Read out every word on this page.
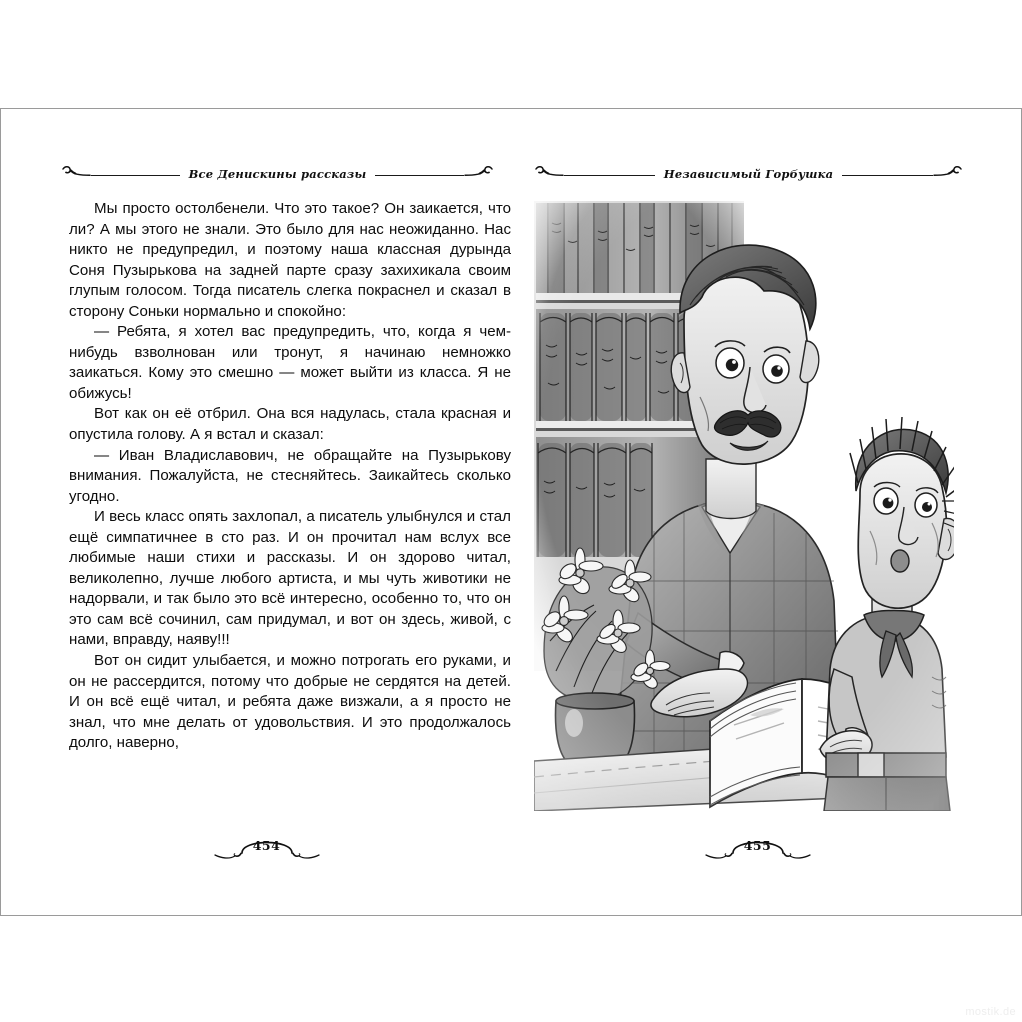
Все Денискины рассказы

Мы просто остолбенели. Что это такое? Он заикается, что ли? А мы этого не знали. Это было для нас неожиданно. Нас никто не предупредил, и поэтому наша классная дурында Соня Пузырькова на задней парте сразу захихикала своим глупым голосом. Тогда писатель слегка покраснел и сказал в сторону Соньки нормально и спокойно:

— Ребята, я хотел вас предупредить, что, когда я чем-нибудь взволнован или тронут, я начинаю немножко заикаться. Кому это смешно — может выйти из класса. Я не обижусь!

Вот как он её отбрил. Она вся надулась, стала красная и опустила голову. А я встал и сказал:

— Иван Владиславович, не обращайте на Пузырькову внимания. Пожалуйста, не стесняйтесь. Заикайтесь сколько угодно.

И весь класс опять захлопал, а писатель улыбнулся и стал ещё симпатичнее в сто раз. И он прочитал нам вслух все любимые наши стихи и рассказы. И он здорово читал, великолепно, лучше любого артиста, и мы чуть животики не надорвали, и так было это всё интересно, особенно то, что он это сам всё сочинил, сам придумал, и вот он здесь, живой, с нами, вправду, наяву!!!

Вот он сидит улыбается, и можно потрогать его руками, и он не рассердится, потому что добрые не сердятся на детей. И он всё ещё читал, и ребята даже визжали, а я просто не знал, что мне делать от удовольствия. И это продолжалось долго, наверно,

454
Независимый Горбушка
455
mostik.de
